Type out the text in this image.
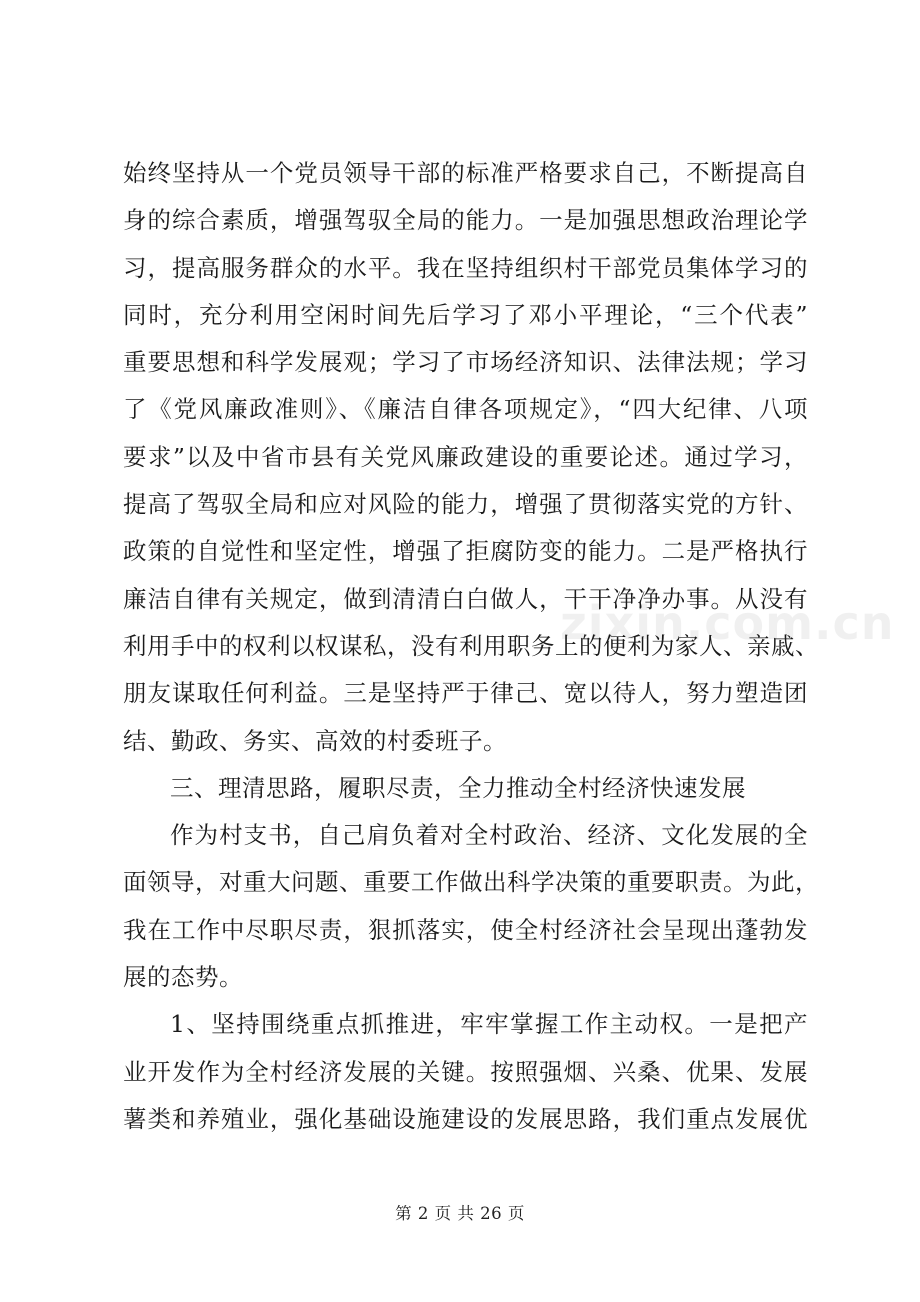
始终坚持从一个党员领导干部的标准严格要求自己，不断提高自
身的综合素质，增强驾驭全局的能力。一是加强思想政治理论学
习，提高服务群众的水平。我在坚持组织村干部党员集体学习的
同时，充分利用空闲时间先后学习了邓小平理论，“三个代表”
重要思想和科学发展观；学习了市场经济知识、法律法规；学习
了《党风廉政准则》、《廉洁自律各项规定》，“四大纪律、八项
要求”以及中省市县有关党风廉政建设的重要论述。通过学习，
提高了驾驭全局和应对风险的能力，增强了贯彻落实党的方针、
政策的自觉性和坚定性，增强了拒腐防变的能力。二是严格执行
廉洁自律有关规定，做到清清白白做人，干干净净办事。从没有
利用手中的权利以权谋私，没有利用职务上的便利为家人、亲戚、
朋友谋取任何利益。三是坚持严于律己、宽以待人，努力塑造团
结、勤政、务实、高效的村委班子。
三、理清思路，履职尽责，全力推动全村经济快速发展
作为村支书，自己肩负着对全村政治、经济、文化发展的全
面领导，对重大问题、重要工作做出科学决策的重要职责。为此，
我在工作中尽职尽责，狠抓落实，使全村经济社会呈现出蓬勃发
展的态势。
1、坚持围绕重点抓推进，牢牢掌握工作主动权。一是把产
业开发作为全村经济发展的关键。按照强烟、兴桑、优果、发展
薯类和养殖业，强化基础设施建设的发展思路，我们重点发展优
zixin.com.cn
第 2 页 共 26 页
